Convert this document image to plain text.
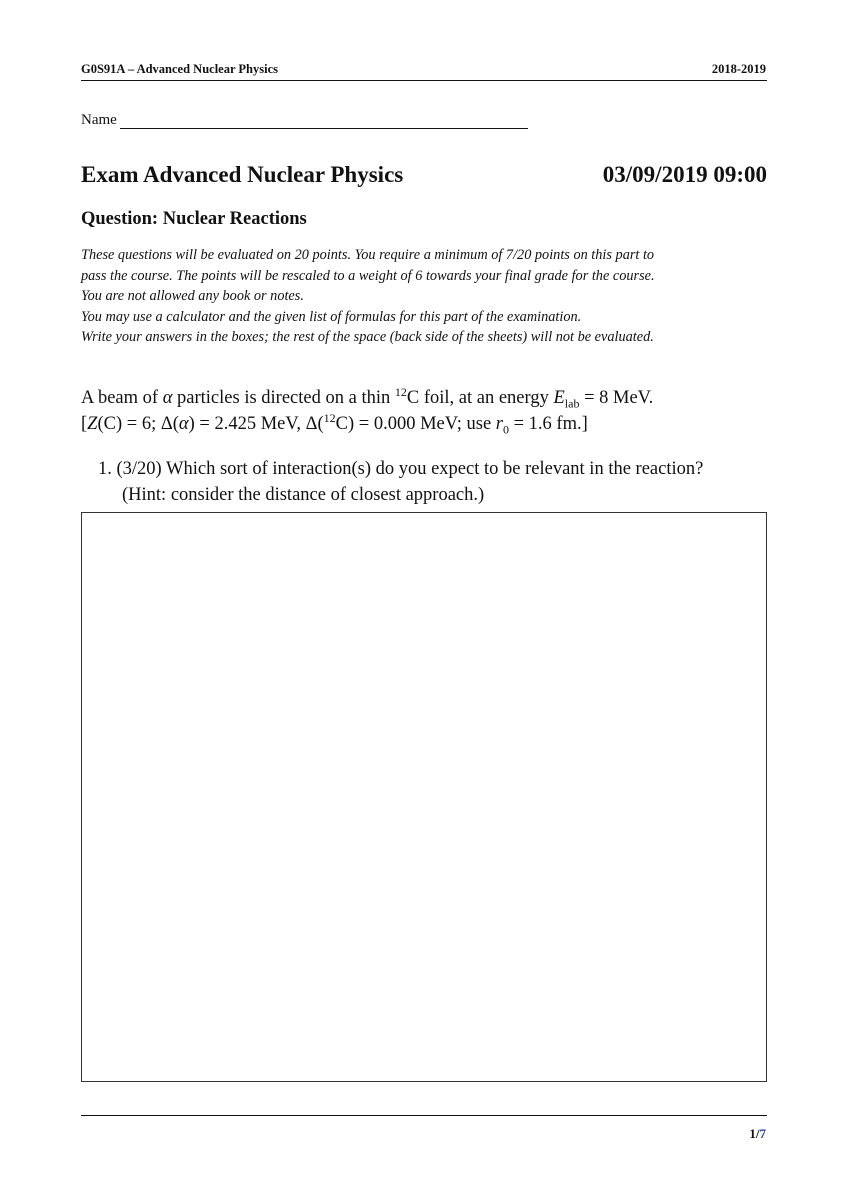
G0S91A – Advanced Nuclear Physics	2018-2019
Name
Exam Advanced Nuclear Physics	03/09/2019 09:00
Question: Nuclear Reactions
These questions will be evaluated on 20 points. You require a minimum of 7/20 points on this part to
pass the course. The points will be rescaled to a weight of 6 towards your final grade for the course.
You are not allowed any book or notes.
You may use a calculator and the given list of formulas for this part of the examination.
Write your answers in the boxes; the rest of the space (back side of the sheets) will not be evaluated.
A beam of α particles is directed on a thin $^{12}$C foil, at an energy $E_{lab} = 8$ MeV.
[Z(C) = 6; Δ(α) = 2.425 MeV, Δ($^{12}$C) = 0.000 MeV; use $r_0 = 1.6$ fm.]
1. (3/20) Which sort of interaction(s) do you expect to be relevant in the reaction?
(Hint: consider the distance of closest approach.)
1/7
